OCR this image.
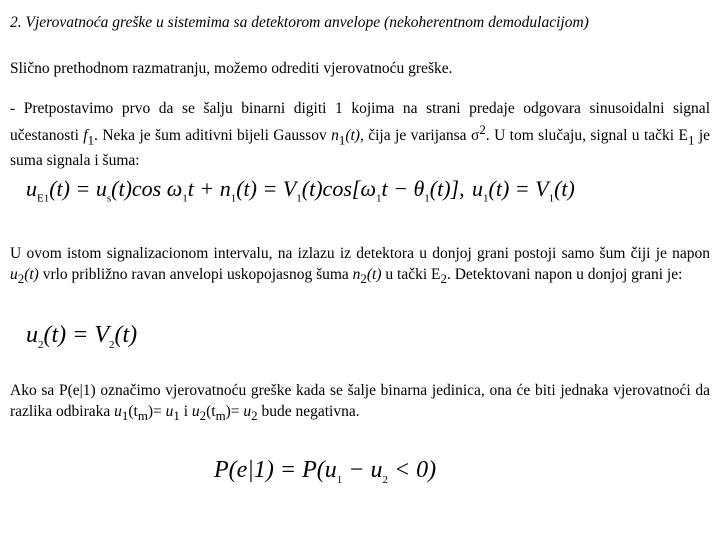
2. Vjerovatnoća greške u sistemima sa detektorom anvelope (nekoherentnom demodulacijom)
Slično prethodnom razmatranju, možemo odrediti vjerovatnoću greške.
- Pretpostavimo prvo da se šalju binarni digiti 1 kojima na strani predaje odgovara sinusoidalni signal učestanosti $f_1$. Neka je šum aditivni bijeli Gaussov $n_1(t)$, čija je varijansa $\sigma^2$. U tom slučaju, signal u tački $E_1$ je suma signala i šuma:
$u_{E1}(t) = u_s(t)\cos$ $\omega_1t + n_1(t) = V_1(t)\cos[\omega_1t - \theta_1(t)]$, $u_1(t) = V_1(t)$
U ovom istom signalizacionom intervalu, na izlazu iz detektora u donjoj grani postoji samo šum čiji je napon $u_2(t)$ vrlo približno ravan anvelopi uskopojasnog šuma $n_2(t)$ u tački $E_2$. Detektovani napon u donjoj grani je:
$u_2(t) = V_2(t)$
Ako sa P(e|1) označimo vjerovatnoću greške kada se šalje binarna jedinica, ona će biti jednaka vjerovatnoći da razlika odbiraka $u_1(t_m)= u_1$ i $u_2(t_m)= u_2$ bude negativna.
$P(e|1) = P(u_1 - u_2 < 0)$
